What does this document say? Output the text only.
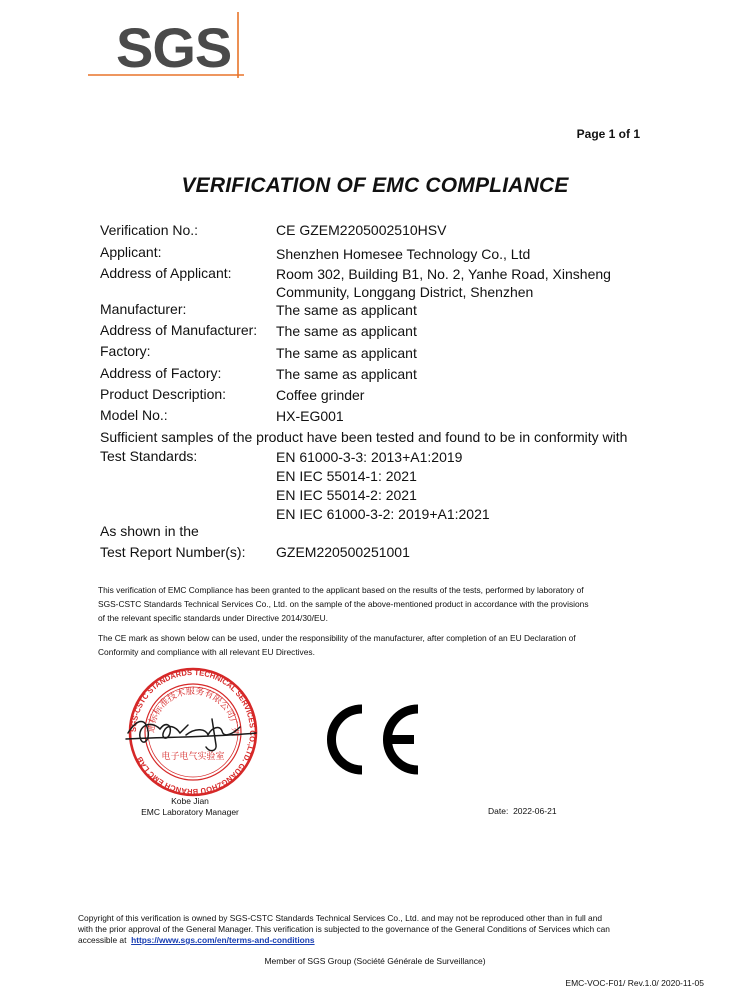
SGS
Page 1 of 1
VERIFICATION OF EMC COMPLIANCE
Verification No.:	CE GZEM2205002510HSV
Applicant:	Shenzhen Homesee Technology Co., Ltd
Address of Applicant:	Room 302, Building B1, No. 2, Yanhe Road, Xinsheng
Community, Longgang District, Shenzhen
Manufacturer:	The same as applicant
Address of Manufacturer: The same as applicant
Factory:	The same as applicant
Address of Factory:	The same as applicant
Product Description:	Coffee grinder
Model No.:	HX-EG001
Sufficient samples of the product have been tested and found to be in conformity with
Test Standards:	EN 61000-3-3: 2013+A1:2019
EN IEC 55014-1: 2021
EN IEC 55014-2: 2021
EN IEC 61000-3-2: 2019+A1:2021
As shown in the
Test Report Number(s): GZEM220500251001
This verification of EMC Compliance has been granted to the applicant based on the results of the tests, performed by laboratory of
SGS-CSTC Standards Technical Services Co., Ltd. on the sample of the above-mentioned product in accordance with the provisions
of the relevant specific standards under Directive 2014/30/EU.
The CE mark as shown below can be used, under the responsibility of the manufacturer, after completion of an EU Declaration of
Conformity and compliance with all relevant EU Directives.
SGS-CSTC STANDARDS TECHNICAL SERVICES CO.,LTD. GUANGZHOU BRANCH EMC LAB
通标标准技术服务有限公司广州
电子电气实验室
Kobe Jian
EMC Laboratory Manager	Date: 2022-06-21
Copyright of this verification is owned by SGS-CSTC Standards Technical Services Co., Ltd. and may not be reproduced other than in full and
with the prior approval of the General Manager. This verification is subjected to the governance of the General Conditions of Services which can
accessible at https://www.sgs.com/en/terms-and-conditions
Member of SGS Group (Société Générale de Surveillance)
EMC-VOC-F01/ Rev.1.0/ 2020-11-05
